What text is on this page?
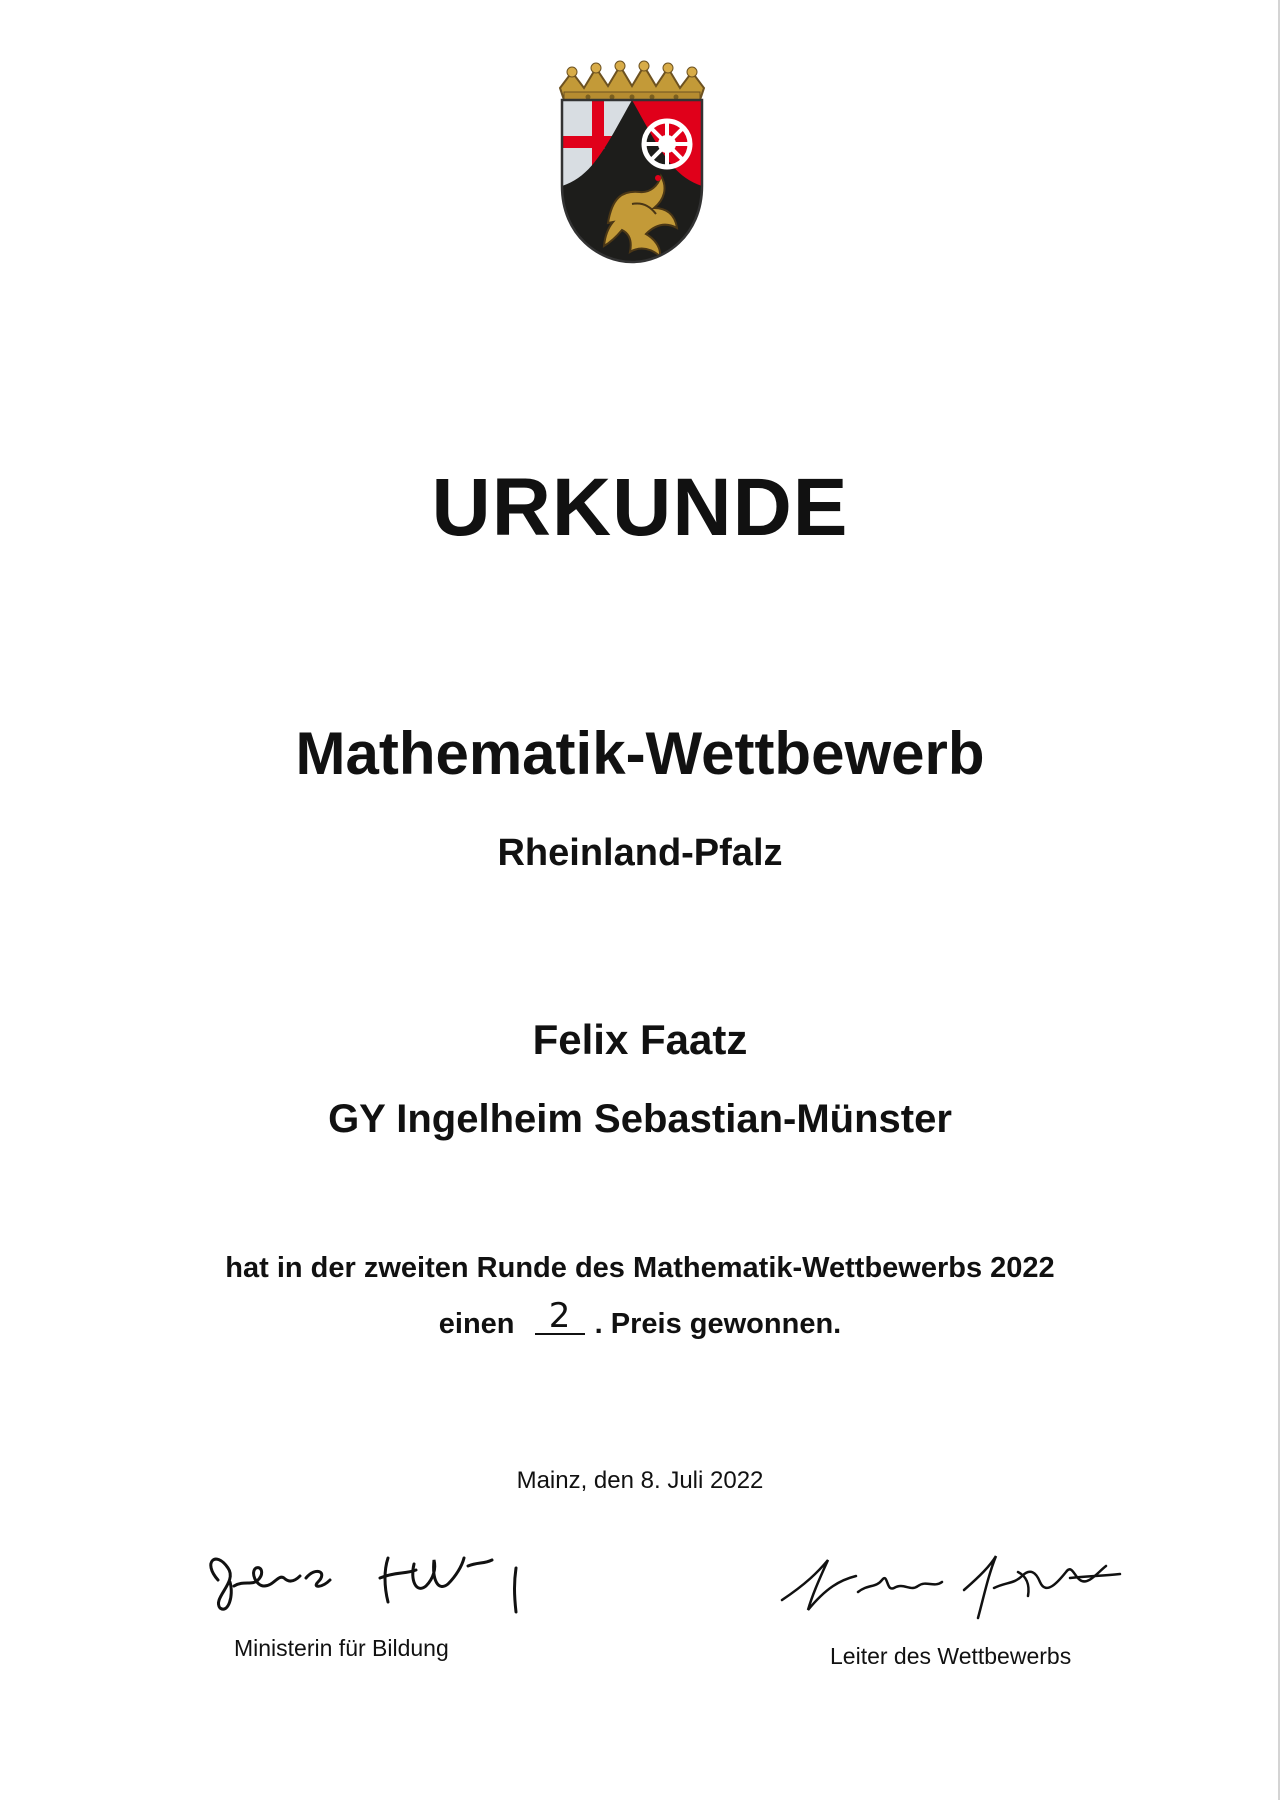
URKUNDE
Mathematik-Wettbewerb
Rheinland-Pfalz
Felix Faatz
GY Ingelheim Sebastian-Münster
hat in der zweiten Runde des Mathematik-Wettbewerbs 2022
einen 2 . Preis gewonnen.
Mainz, den 8. Juli 2022
Ministerin für Bildung	Leiter des Wettbewerbs
